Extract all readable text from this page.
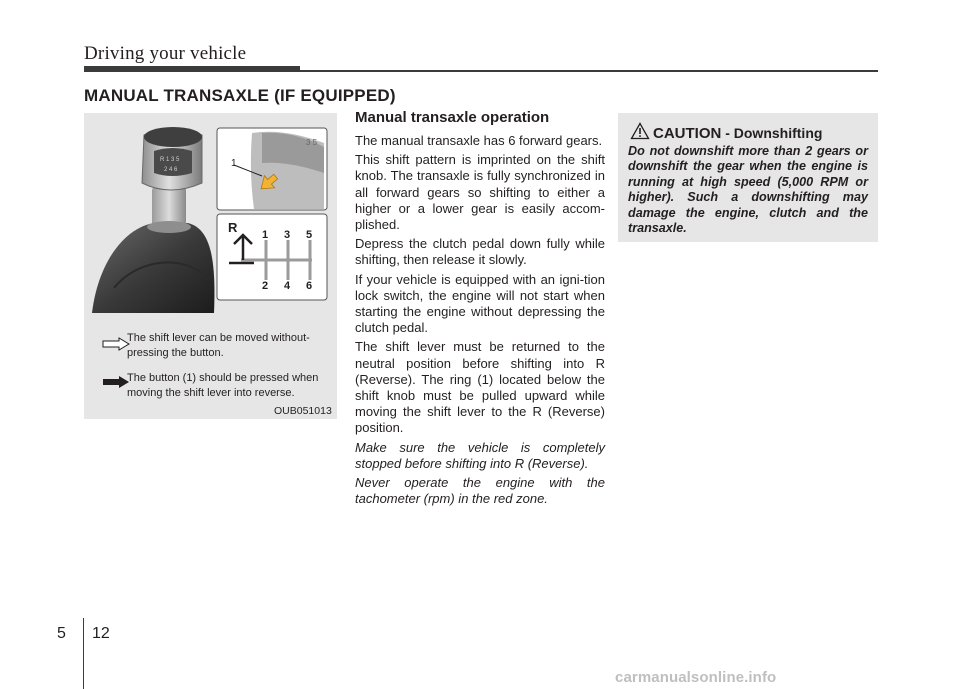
Driving your vehicle
MANUAL TRANSAXLE (IF EQUIPPED)
R 1 3 5
2 4 6
3 5
R 1 3 5
2 4 6
1
The shift lever can be moved without-
pressing the button.
The button (1) should be pressed when
moving the shift lever into reverse.
OUB051013
Manual transaxle operation

The manual transaxle has 6 forward gears.

This shift pattern is imprinted on the shift knob. The transaxle is fully synchronized in all forward gears so shifting to either a higher or a lower gear is easily accom-plished.

Depress the clutch pedal down fully while shifting, then release it slowly.

If your vehicle is equipped with an igni-tion lock switch, the engine will not start when starting the engine without depressing the clutch pedal.

The shift lever must be returned to the neutral position before shifting into R (Reverse). The ring (1) located below the shift knob must be pulled upward while moving the shift lever to the R (Reverse) position.

Make sure the vehicle is completely stopped before shifting into R (Reverse).

Never operate the engine with the tachometer (rpm) in the red zone.

CAUTION - Downshifting

Do not downshift more than 2 gears or downshift the gear when the engine is running at high speed (5,000 RPM or higher). Such a downshifting may damage the engine, clutch and the transaxle.

5 12
carmanualsonline.info
